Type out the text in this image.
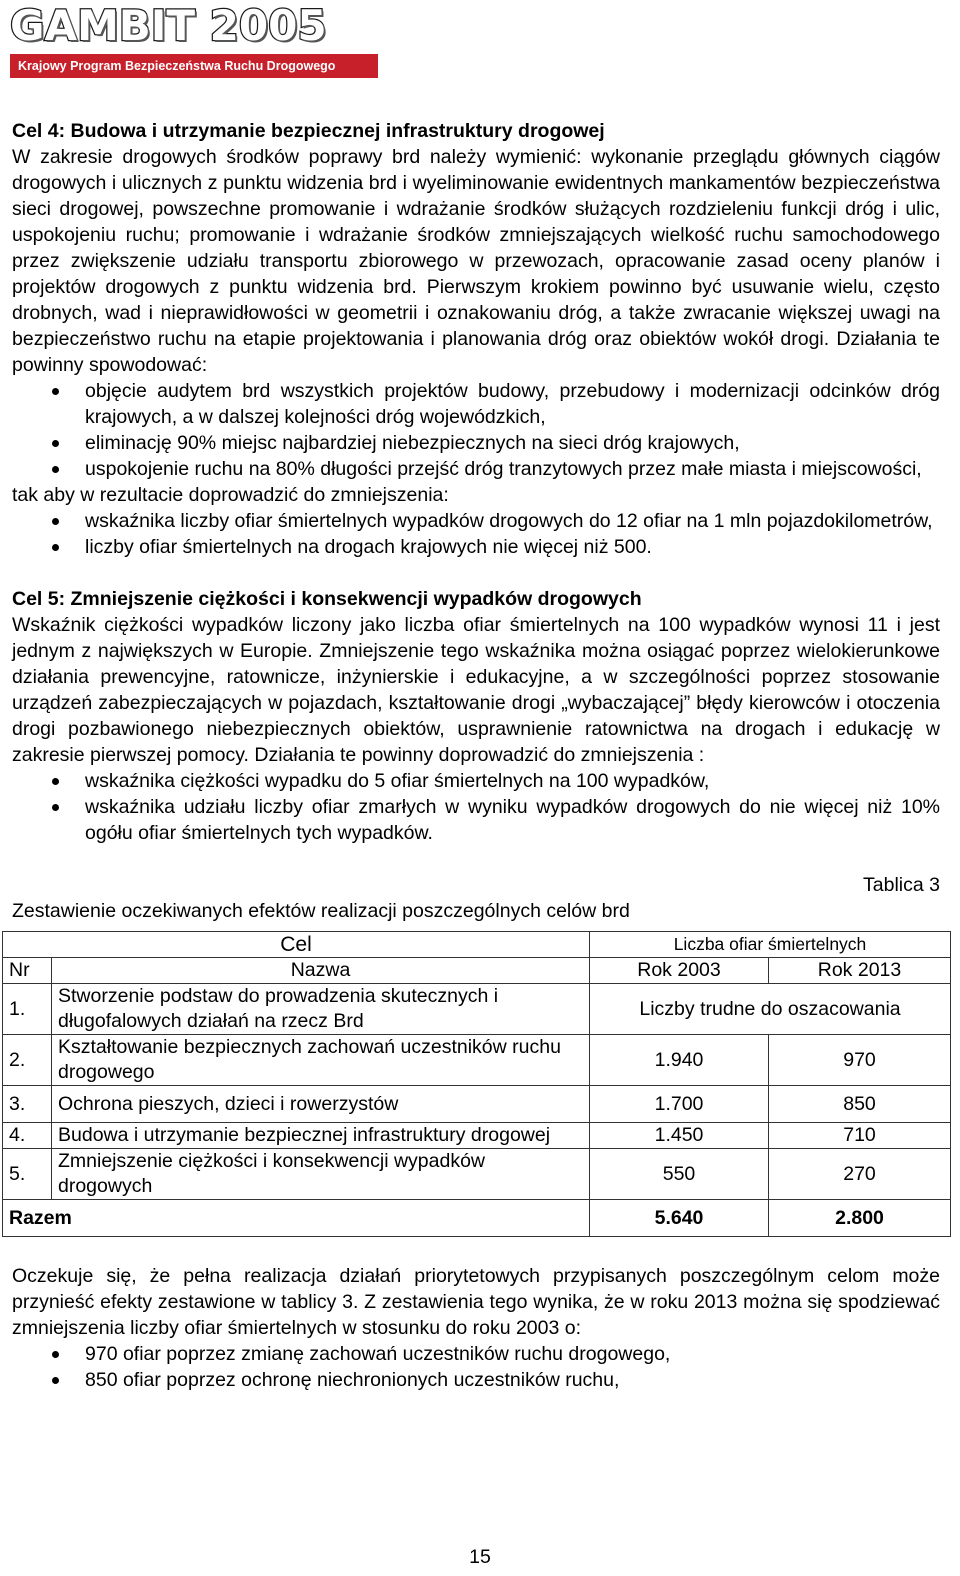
GAMBIT 2005
Krajowy Program Bezpieczeństwa Ruchu Drogowego
Cel 4: Budowa i utrzymanie bezpiecznej infrastruktury drogowej

W zakresie drogowych środków poprawy brd należy wymienić: wykonanie przeglądu głównych ciągów drogowych i ulicznych z punktu widzenia brd i wyeliminowanie ewidentnych mankamentów bezpieczeństwa sieci drogowej, powszechne promowanie i wdrażanie środków służących rozdzieleniu funkcji dróg i ulic, uspokojeniu ruchu; promowanie i wdrażanie środków zmniejszających wielkość ruchu samochodowego przez zwiększenie udziału transportu zbiorowego w przewozach, opracowanie zasad oceny planów i projektów drogowych z punktu widzenia brd. Pierwszym krokiem powinno być usuwanie wielu, często drobnych, wad i nieprawidłowości w geometrii i oznakowaniu dróg, a także zwracanie większej uwagi na bezpieczeństwo ruchu na etapie projektowania i planowania dróg oraz obiektów wokół drogi. Działania te powinny spowodować:

objęcie audytem brd wszystkich projektów budowy, przebudowy i modernizacji odcinków dróg krajowych, a w dalszej kolejności dróg wojewódzkich,
eliminację 90% miejsc najbardziej niebezpiecznych na sieci dróg krajowych,
uspokojenie ruchu na 80% długości przejść dróg tranzytowych przez małe miasta i miejscowości,

tak aby w rezultacie doprowadzić do zmniejszenia:

wskaźnika liczby ofiar śmiertelnych wypadków drogowych do 12 ofiar na 1 mln pojazdokilometrów,
liczby ofiar śmiertelnych na drogach krajowych nie więcej niż 500.
Cel 5: Zmniejszenie ciężkości i konsekwencji wypadków drogowych

Wskaźnik ciężkości wypadków liczony jako liczba ofiar śmiertelnych na 100 wypadków wynosi 11 i jest jednym z największych w Europie. Zmniejszenie tego wskaźnika można osiągać poprzez wielokierunkowe działania prewencyjne, ratownicze, inżynierskie i edukacyjne, a w szczególności poprzez stosowanie urządzeń zabezpieczających w pojazdach, kształtowanie drogi „wybaczającej” błędy kierowców i otoczenia drogi pozbawionego niebezpiecznych obiektów, usprawnienie ratownictwa na drogach i edukację w zakresie pierwszej pomocy. Działania te powinny doprowadzić do zmniejszenia :

wskaźnika ciężkości wypadku do 5 ofiar śmiertelnych na 100 wypadków,
wskaźnika udziału liczby ofiar zmarłych w wyniku wypadków drogowych do nie więcej niż 10% ogółu ofiar śmiertelnych tych wypadków.
Tablica 3
Zestawienie oczekiwanych efektów realizacji poszczególnych celów brd
Cel		Liczba ofiar śmiertelnych	
Nr	Nazwa	Rok 2003	Rok 2013
1.	Stworzenie podstaw do prowadzenia skutecznych i długofalowych działań na rzecz Brd	Liczby trudne do oszacowania	
2.	Kształtowanie bezpiecznych zachowań uczestników ruchu drogowego	1.940	970
3.	Ochrona pieszych, dzieci i rowerzystów	1.700	850
4.	Budowa i utrzymanie bezpiecznej infrastruktury drogowej	1.450	710
5.	Zmniejszenie ciężkości i konsekwencji wypadków drogowych	550	270
Razem		5.640	2.800

Oczekuje się, że pełna realizacja działań priorytetowych przypisanych poszczególnym celom może przynieść efekty zestawione w tablicy 3. Z zestawienia tego wynika, że w roku 2013 można się spodziewać zmniejszenia liczby ofiar śmiertelnych w stosunku do roku 2003 o:

970 ofiar poprzez zmianę zachowań uczestników ruchu drogowego,
850 ofiar poprzez ochronę niechronionych uczestników ruchu,
15
